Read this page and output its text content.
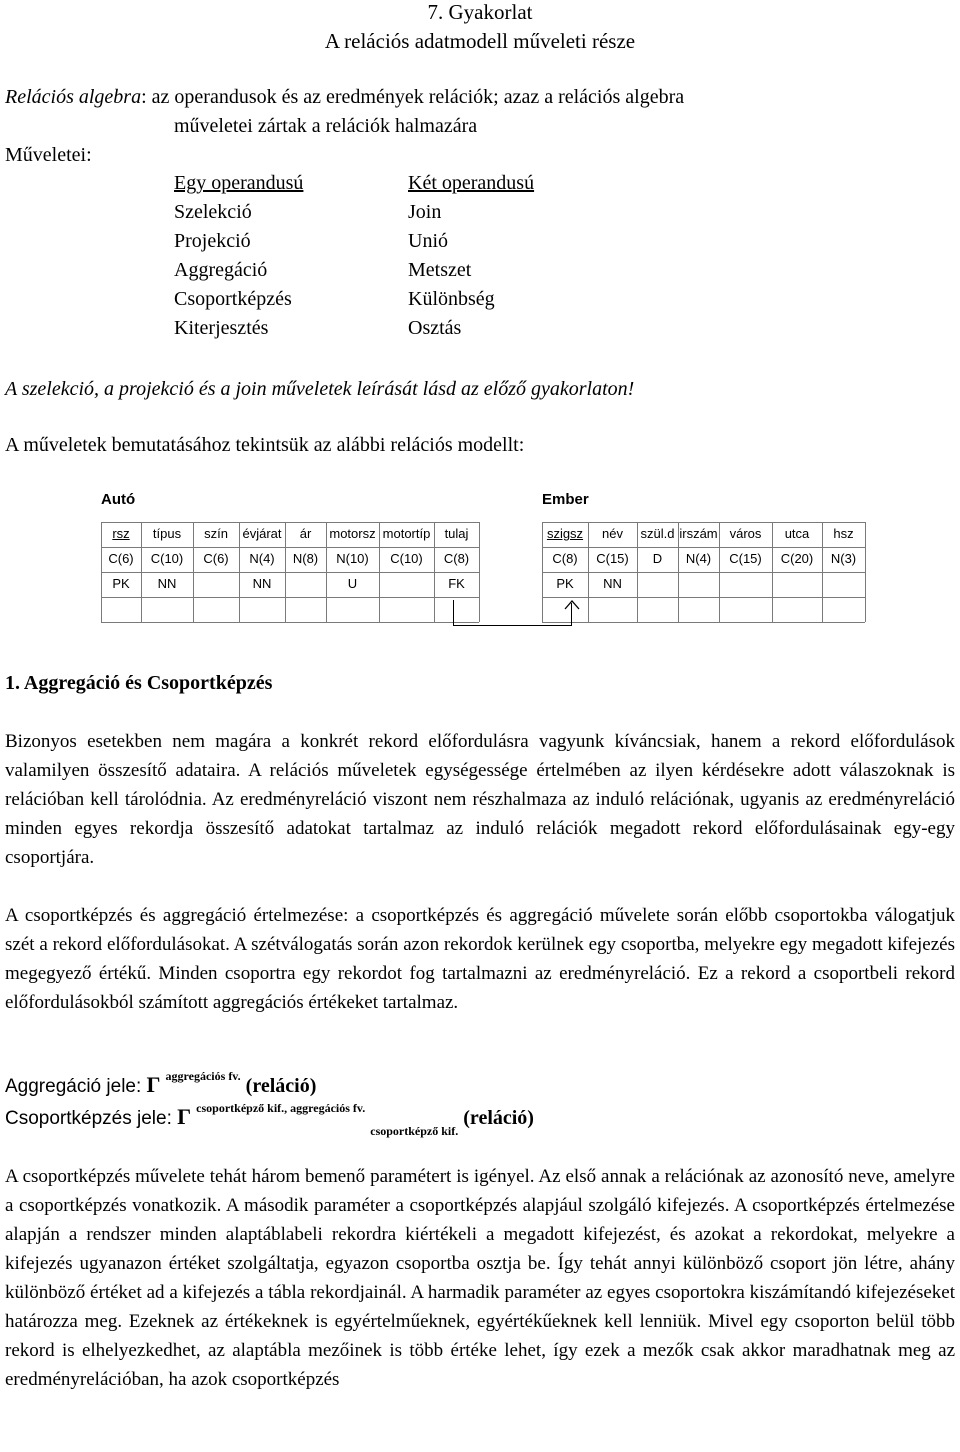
7. Gyakorlat
A relációs adatmodell műveleti része
Relációs algebra: az operandusok és az eredmények relációk; azaz a relációs algebra
műveletei zártak a relációk halmazára
Műveletei:
Egy operandusú	Két operandusú
Szelekció
Projekció
Aggregáció
Csoportképzés
Kiterjesztés
Join
Unió
Metszet
Különbség
Osztás
A szelekció, a projekció és a join műveletek leírását lásd az előző gyakorlaton!
A műveletek bemutatásához tekintsük az alábbi relációs modellt:
Autó	Ember
rsz
C(6)
PK
típus
C(10)
NN
szín
C(6)
évjárat
N(4)
NN
ár
N(8)
motorsz
N(10)
U
motortíp
C(10)
tulaj
C(8)
FK
szigsz
C(8)
PK
név
C(15)
NN
szül.d
D
irszám
N(4)
város
C(15)
utca
C(20)
hsz
N(3)
1. Aggregáció és Csoportképzés
Bizonyos esetekben nem magára a konkrét rekord előfordulásra vagyunk kíváncsiak, hanem a rekord előfordulások valamilyen összesítő adataira. A relációs műveletek egységessége értelmében az ilyen kérdésekre adott válaszoknak is relációban kell tárolódnia. Az eredményreláció viszont nem részhalmaza az induló relációnak, ugyanis az eredményreláció minden egyes rekordja összesítő adatokat tartalmaz az induló relációk megadott rekord előfordulásainak egy-egy csoportjára.
A csoportképzés és aggregáció értelmezése: a csoportképzés és aggregáció művelete során előbb csoportokba válogatjuk szét a rekord előfordulásokat. A szétválogatás során azon rekordok kerülnek egy csoportba, melyekre egy megadott kifejezés megegyező értékű. Minden csoportra egy rekordot fog tartalmazni az eredményreláció. Ez a rekord a csoportbeli rekord előfordulásokból számított aggregációs értékeket tartalmaz.
Aggregáció jele: Γ $^{aggregációs fv.}$ (reláció)
Csoportképzés jele: Γ $^{csoportképző kif., aggregációs fv.}$ $_{csoportképző kif.}$ (reláció)
A csoportképzés művelete tehát három bemenő paramétert is igényel. Az első annak a relációnak az azonosító neve, amelyre a csoportképzés vonatkozik. A második paraméter a csoportképzés alapjául szolgáló kifejezés. A csoportképzés értelmezése alapján a rendszer minden alaptáblabeli rekordra kiértékeli a megadott kifejezést, és azokat a rekordokat, melyekre a kifejezés ugyanazon értéket szolgáltatja, egyazon csoportba osztja be. Így tehát annyi különböző csoport jön létre, ahány különböző értéket ad a kifejezés a tábla rekordjainál. A harmadik paraméter az egyes csoportokra kiszámítandó kifejezéseket határozza meg. Ezeknek az értékeknek is egyértelműeknek, egyértékűeknek kell lenniük. Mivel egy csoporton belül több rekord is elhelyezkedhet, az alaptábla mezőinek is több értéke lehet, így ezek a mezők csak akkor maradhatnak meg az eredményrelációban, ha azok csoportképzés
